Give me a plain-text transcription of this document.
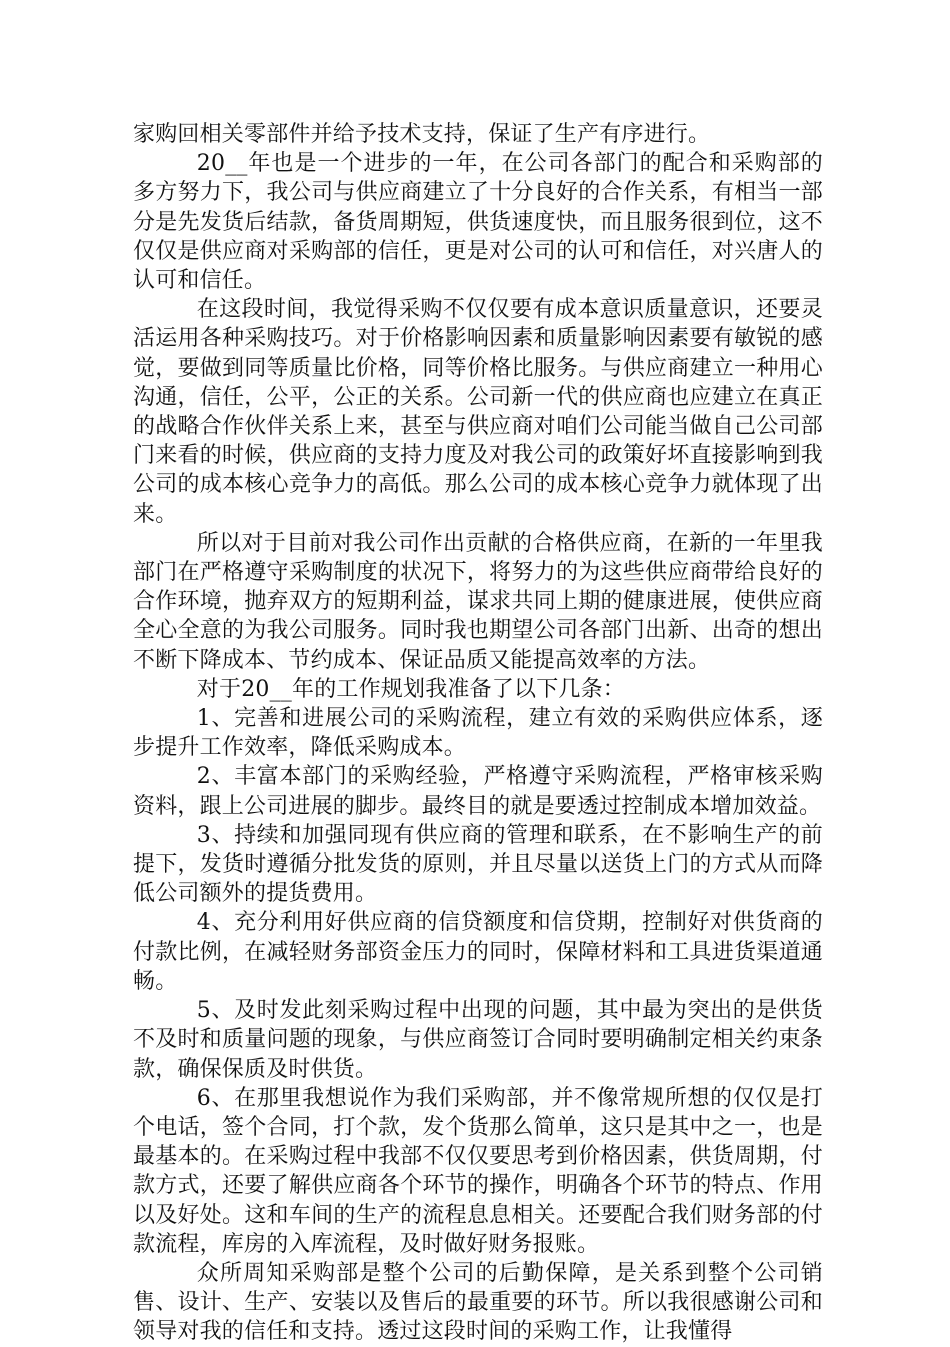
家购回相关零部件并给予技术支持，保证了生产有序进行。

20__年也是一个进步的一年，在公司各部门的配合和采购部的多方努力下，我公司与供应商建立了十分良好的合作关系，有相当一部分是先发货后结款，备货周期短，供货速度快，而且服务很到位，这不仅仅是供应商对采购部的信任，更是对公司的认可和信任，对兴唐人的认可和信任。

在这段时间，我觉得采购不仅仅要有成本意识质量意识，还要灵活运用各种采购技巧。对于价格影响因素和质量影响因素要有敏锐的感觉，要做到同等质量比价格，同等价格比服务。与供应商建立一种用心沟通，信任，公平，公正的关系。公司新一代的供应商也应建立在真正的战略合作伙伴关系上来，甚至与供应商对咱们公司能当做自己公司部门来看的时候，供应商的支持力度及对我公司的政策好坏直接影响到我公司的成本核心竞争力的高低。那么公司的成本核心竞争力就体现了出来。

所以对于目前对我公司作出贡献的合格供应商，在新的一年里我部门在严格遵守采购制度的状况下，将努力的为这些供应商带给良好的合作环境，抛弃双方的短期利益，谋求共同上期的健康进展，使供应商全心全意的为我公司服务。同时我也期望公司各部门出新、出奇的想出不断下降成本、节约成本、保证品质又能提高效率的方法。

对于20__年的工作规划我准备了以下几条：

1、完善和进展公司的采购流程，建立有效的采购供应体系，逐步提升工作效率，降低采购成本。

2、丰富本部门的采购经验，严格遵守采购流程，严格审核采购资料，跟上公司进展的脚步。最终目的就是要透过控制成本增加效益。

3、持续和加强同现有供应商的管理和联系，在不影响生产的前提下，发货时遵循分批发货的原则，并且尽量以送货上门的方式从而降低公司额外的提货费用。

4、充分利用好供应商的信贷额度和信贷期，控制好对供货商的付款比例，在减轻财务部资金压力的同时，保障材料和工具进货渠道通畅。

5、及时发此刻采购过程中出现的问题，其中最为突出的是供货不及时和质量问题的现象，与供应商签订合同时要明确制定相关约束条款，确保保质及时供货。

6、在那里我想说作为我们采购部，并不像常规所想的仅仅是打个电话，签个合同，打个款，发个货那么简单，这只是其中之一，也是最基本的。在采购过程中我部不仅仅要思考到价格因素，供货周期，付款方式，还要了解供应商各个环节的操作，明确各个环节的特点、作用以及好处。这和车间的生产的流程息息相关。还要配合我们财务部的付款流程，库房的入库流程，及时做好财务报账。

众所周知采购部是整个公司的后勤保障，是关系到整个公司销售、设计、生产、安装以及售后的最重要的环节。所以我很感谢公司和领导对我的信任和支持。透过这段时间的采购工作，让我懂得
